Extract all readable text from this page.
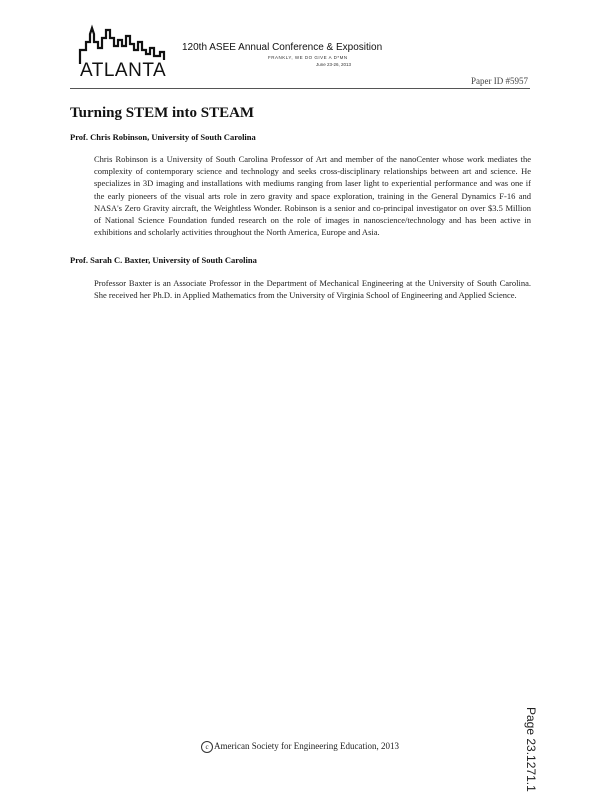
ATLANTA
120th ASEE Annual Conference & Exposition
FRANKLY, WE DO GIVE A D*MN
June 23-26, 2013
Paper ID #5957
Turning STEM into STEAM

Prof. Chris Robinson, University of South Carolina

Chris Robinson is a University of South Carolina Professor of Art and member of the nanoCenter whose work mediates the complexity of contemporary science and technology and seeks cross-disciplinary relationships between art and science. He specializes in 3D imaging and installations with mediums ranging from laser light to experiential performance and was one if the early pioneers of the visual arts role in zero gravity and space exploration, training in the General Dynamics F-16 and NASA's Zero Gravity aircraft, the Weightless Wonder. Robinson is a senior and co-principal investigator on over $3.5 Million of National Science Foundation funded research on the role of images in nanoscience/technology and has been active in exhibitions and scholarly activities throughout the North America, Europe and Asia.

Prof. Sarah C. Baxter, University of South Carolina

Professor Baxter is an Associate Professor in the Department of Mechanical Engineering at the University of South Carolina. She received her Ph.D. in Applied Mathematics from the University of Virginia School of Engineering and Applied Science.

Page 23.1271.1
c American Society for Engineering Education, 2013
